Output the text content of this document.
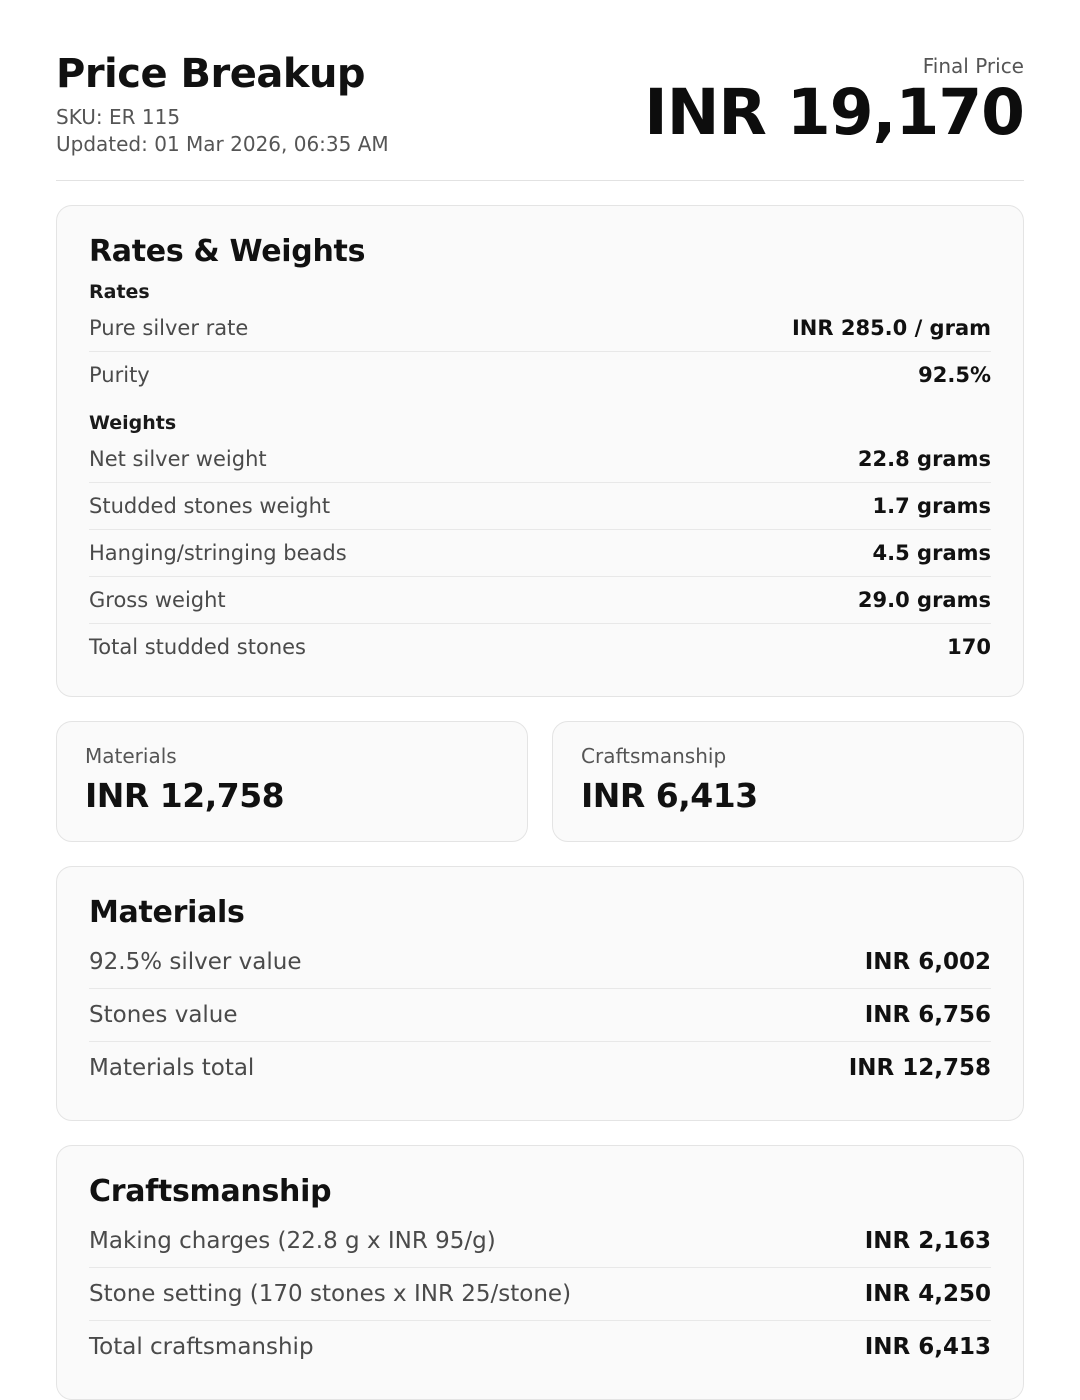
Price Breakup
SKU: ER 115
Updated: 01 Mar 2026, 06:35 AM
Final Price
INR 19,170
Rates & Weights
Rates
Pure silver rate	INR 285.0 / gram
Purity	92.5%
Weights
Net silver weight	22.8 grams
Studded stones weight	1.7 grams
Hanging/stringing beads	4.5 grams
Gross weight	29.0 grams
Total studded stones	170
Materials
INR 12,758
Craftsmanship
INR 6,413
Materials
92.5% silver value	INR 6,002
Stones value	INR 6,756
Materials total	INR 12,758
Craftsmanship
Making charges (22.8 g x INR 95/g)	INR 2,163
Stone setting (170 stones x INR 25/stone)	INR 4,250
Total craftsmanship	INR 6,413
